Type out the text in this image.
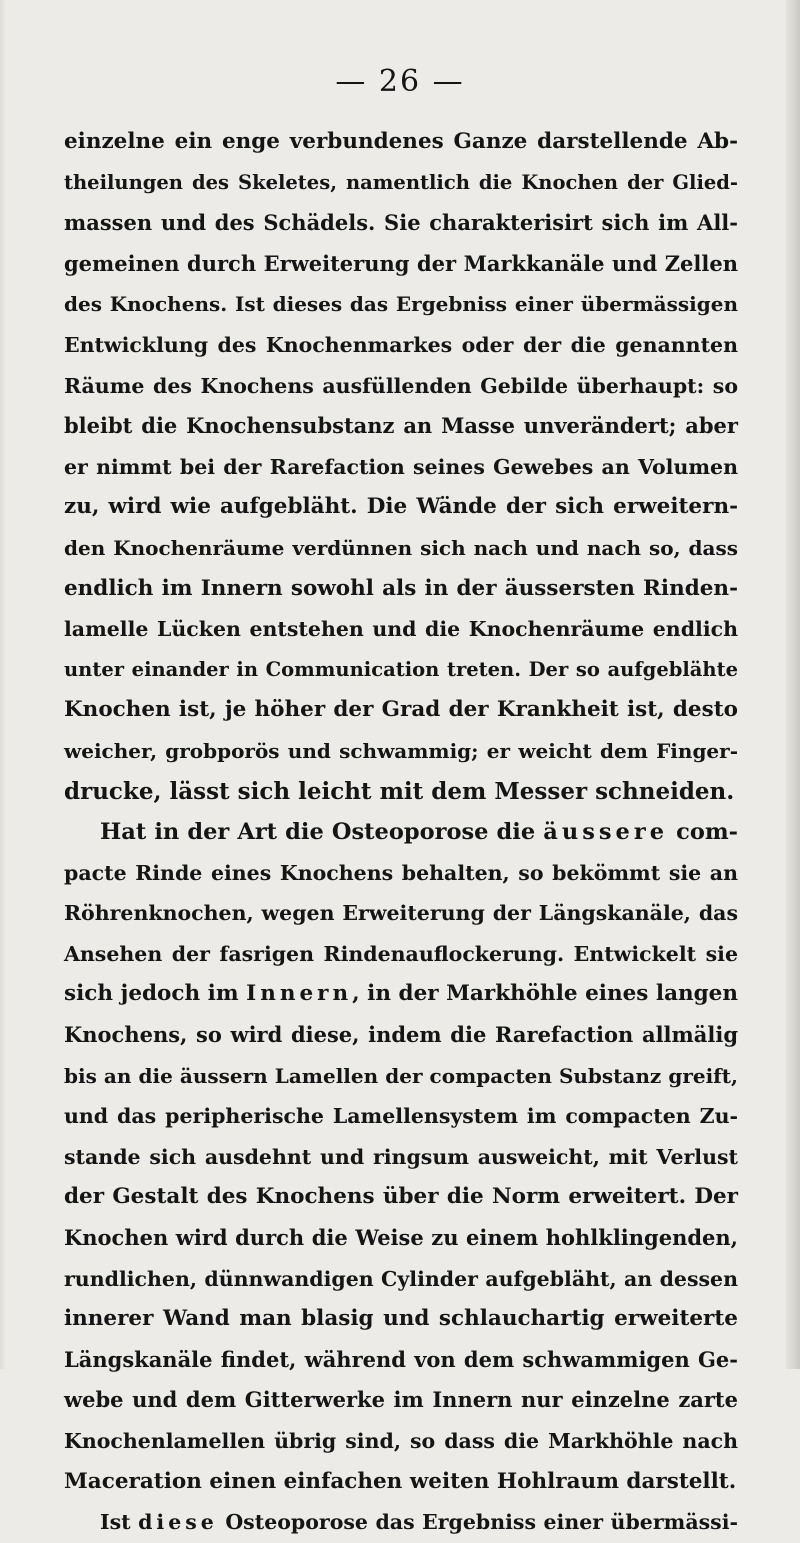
— 26 —
einzelne ein enge verbundenes Ganze darstellende Ab-
theilungen des Skeletes, namentlich die Knochen der Glied-
massen und des Schädels. Sie charakterisirt sich im All-
gemeinen durch Erweiterung der Markkanäle und Zellen
des Knochens. Ist dieses das Ergebniss einer übermässigen
Entwicklung des Knochenmarkes oder der die genannten
Räume des Knochens ausfüllenden Gebilde überhaupt: so
bleibt die Knochensubstanz an Masse unverändert; aber
er nimmt bei der Rarefaction seines Gewebes an Volumen
zu, wird wie aufgebläht. Die Wände der sich erweitern-
den Knochenräume verdünnen sich nach und nach so, dass
endlich im Innern sowohl als in der äussersten Rinden-
lamelle Lücken entstehen und die Knochenräume endlich
unter einander in Communication treten. Der so aufgeblähte
Knochen ist, je höher der Grad der Krankheit ist, desto
weicher, grobporös und schwammig; er weicht dem Finger-
drucke, lässt sich leicht mit dem Messer schneiden.
Hat in der Art die Osteoporose die äussere com-
pacte Rinde eines Knochens behalten, so bekömmt sie an
Röhrenknochen, wegen Erweiterung der Längskanäle, das
Ansehen der fasrigen Rindenauflockerung. Entwickelt sie
sich jedoch im Innern, in der Markhöhle eines langen
Knochens, so wird diese, indem die Rarefaction allmälig
bis an die äussern Lamellen der compacten Substanz greift,
und das peripherische Lamellensystem im compacten Zu-
stande sich ausdehnt und ringsum ausweicht, mit Verlust
der Gestalt des Knochens über die Norm erweitert. Der
Knochen wird durch die Weise zu einem hohlklingenden,
rundlichen, dünnwandigen Cylinder aufgebläht, an dessen
innerer Wand man blasig und schlauchartig erweiterte
Längskanäle findet, während von dem schwammigen Ge-
webe und dem Gitterwerke im Innern nur einzelne zarte
Knochenlamellen übrig sind, so dass die Markhöhle nach
Maceration einen einfachen weiten Hohlraum darstellt.
Ist diese Osteoporose das Ergebniss einer übermässi-
